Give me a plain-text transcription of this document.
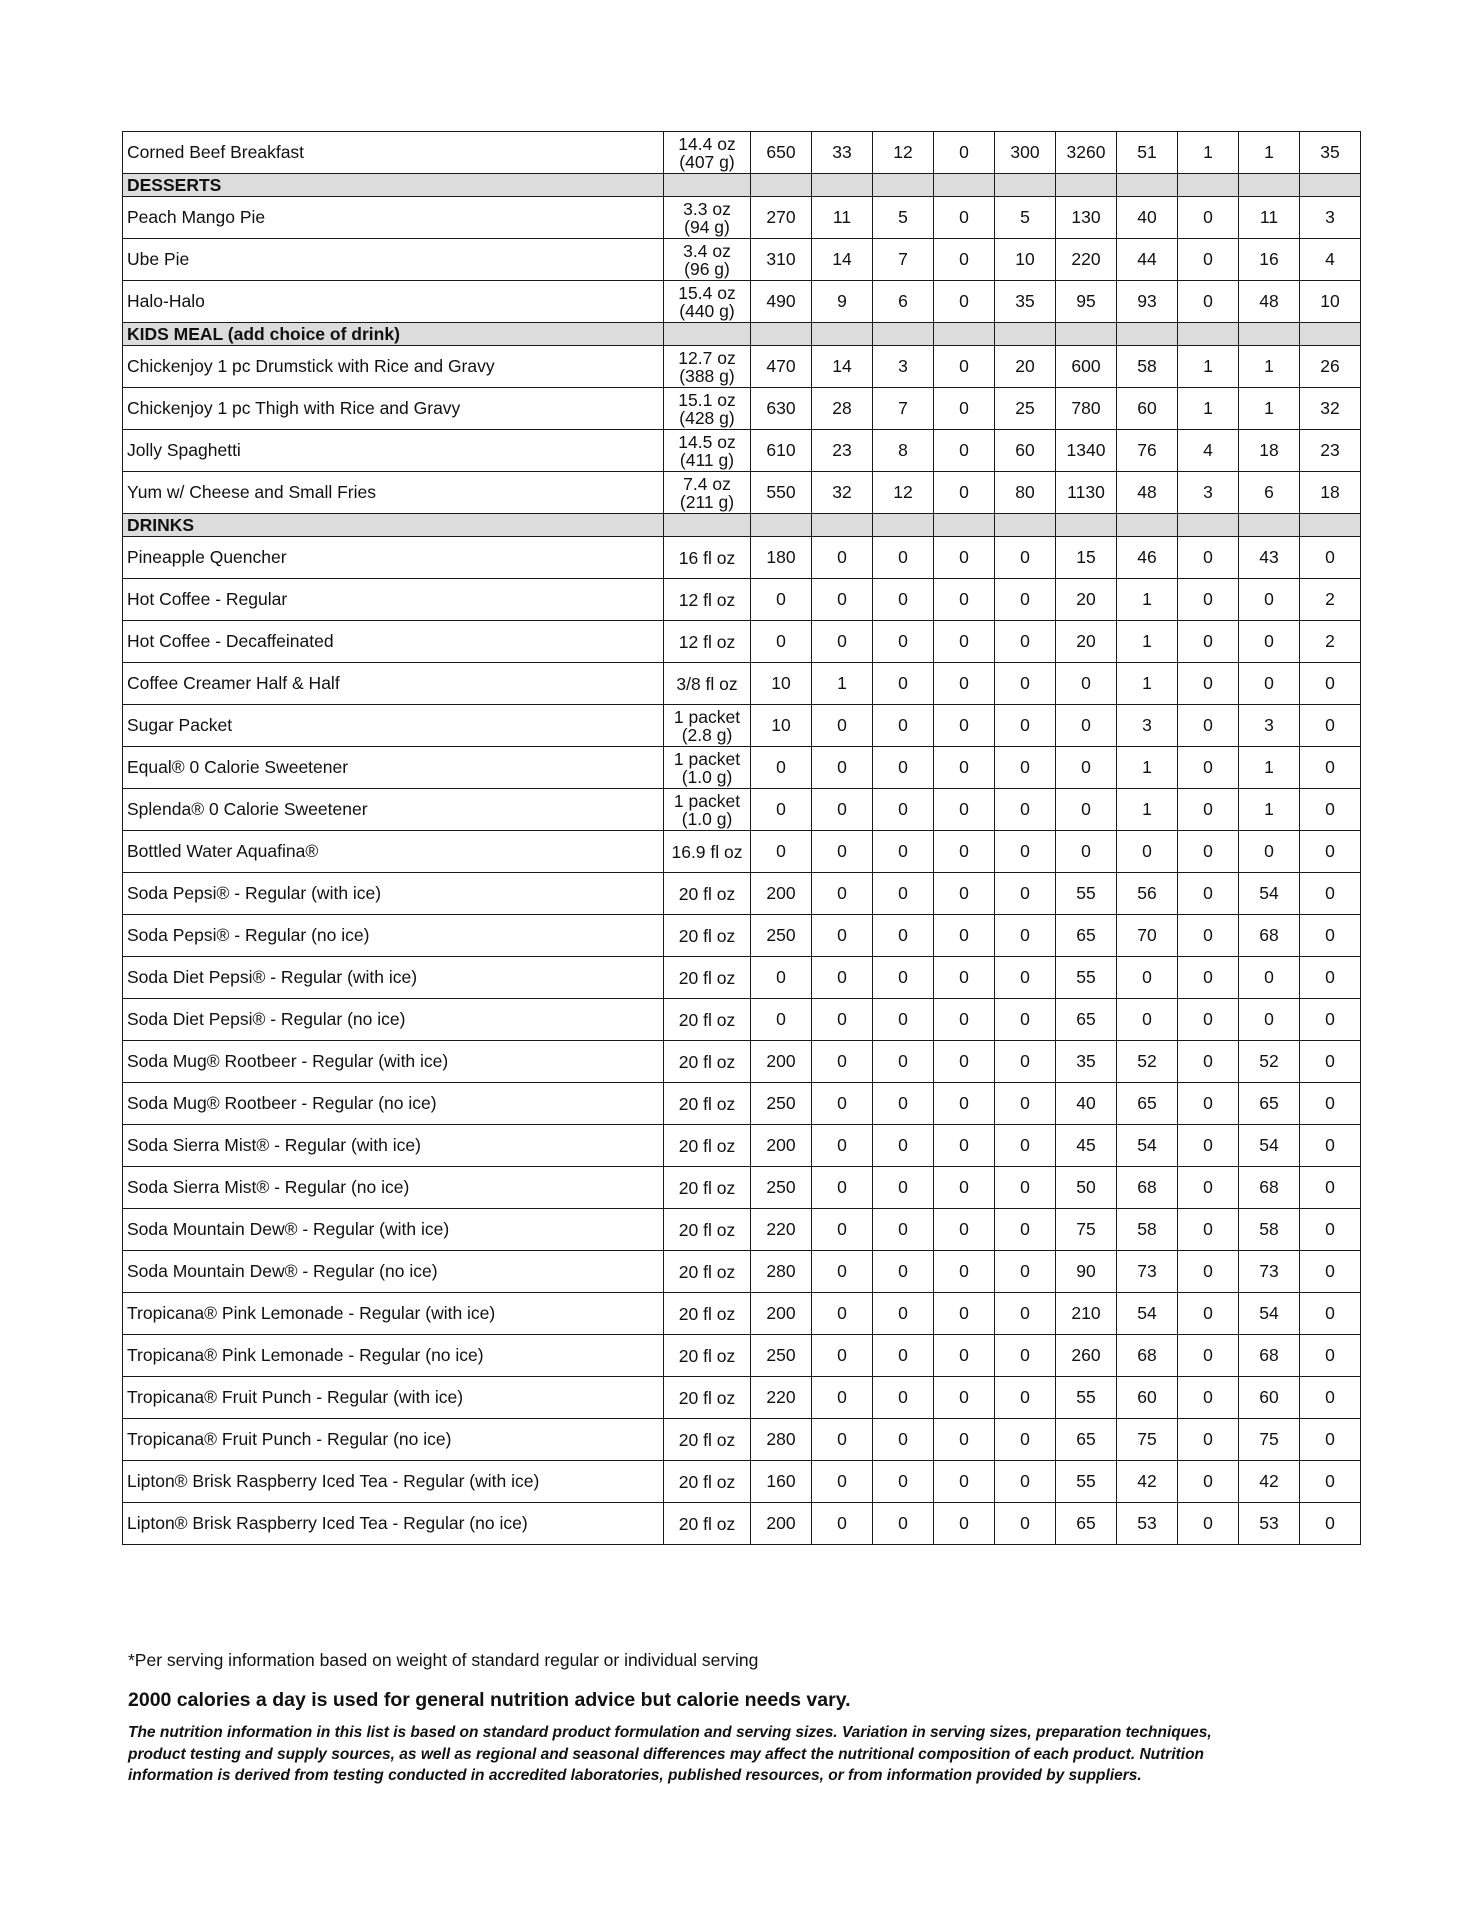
Corned Beef Breakfast	14.4 oz
(407 g)	650	33	12	0	300	3260	51	1	1	35
DESSERTS											
Peach Mango Pie	3.3 oz
(94 g)	270	11	5	0	5	130	40	0	11	3
Ube Pie	3.4 oz
(96 g)	310	14	7	0	10	220	44	0	16	4
Halo-Halo	15.4 oz
(440 g)	490	9	6	0	35	95	93	0	48	10
KIDS MEAL (add choice of drink)											
Chickenjoy 1 pc Drumstick with Rice and Gravy	12.7 oz
(388 g)	470	14	3	0	20	600	58	1	1	26
Chickenjoy 1 pc Thigh with Rice and Gravy	15.1 oz
(428 g)	630	28	7	0	25	780	60	1	1	32
Jolly Spaghetti	14.5 oz
(411 g)	610	23	8	0	60	1340	76	4	18	23
Yum w/ Cheese and Small Fries	7.4 oz
(211 g)	550	32	12	0	80	1130	48	3	6	18
DRINKS											
Pineapple Quencher	16 fl oz	180	0	0	0	0	15	46	0	43	0
Hot Coffee - Regular	12 fl oz	0	0	0	0	0	20	1	0	0	2
Hot Coffee - Decaffeinated	12 fl oz	0	0	0	0	0	20	1	0	0	2
Coffee Creamer Half & Half	3/8 fl oz	10	1	0	0	0	0	1	0	0	0
Sugar Packet	1 packet
(2.8 g)	10	0	0	0	0	0	3	0	3	0
Equal® 0 Calorie Sweetener	1 packet
(1.0 g)	0	0	0	0	0	0	1	0	1	0
Splenda® 0 Calorie Sweetener	1 packet
(1.0 g)	0	0	0	0	0	0	1	0	1	0
Bottled Water Aquafina®	16.9 fl oz	0	0	0	0	0	0	0	0	0	0
Soda Pepsi® - Regular (with ice)	20 fl oz	200	0	0	0	0	55	56	0	54	0
Soda Pepsi® - Regular (no ice)	20 fl oz	250	0	0	0	0	65	70	0	68	0
Soda Diet Pepsi® - Regular (with ice)	20 fl oz	0	0	0	0	0	55	0	0	0	0
Soda Diet Pepsi® - Regular (no ice)	20 fl oz	0	0	0	0	0	65	0	0	0	0
Soda Mug® Rootbeer - Regular (with ice)	20 fl oz	200	0	0	0	0	35	52	0	52	0
Soda Mug® Rootbeer - Regular (no ice)	20 fl oz	250	0	0	0	0	40	65	0	65	0
Soda Sierra Mist® - Regular (with ice)	20 fl oz	200	0	0	0	0	45	54	0	54	0
Soda Sierra Mist® - Regular (no ice)	20 fl oz	250	0	0	0	0	50	68	0	68	0
Soda Mountain Dew® - Regular (with ice)	20 fl oz	220	0	0	0	0	75	58	0	58	0
Soda Mountain Dew® - Regular (no ice)	20 fl oz	280	0	0	0	0	90	73	0	73	0
Tropicana® Pink Lemonade - Regular (with ice)	20 fl oz	200	0	0	0	0	210	54	0	54	0
Tropicana® Pink Lemonade - Regular (no ice)	20 fl oz	250	0	0	0	0	260	68	0	68	0
Tropicana® Fruit Punch - Regular (with ice)	20 fl oz	220	0	0	0	0	55	60	0	60	0
Tropicana® Fruit Punch - Regular (no ice)	20 fl oz	280	0	0	0	0	65	75	0	75	0
Lipton® Brisk Raspberry Iced Tea - Regular (with ice)	20 fl oz	160	0	0	0	0	55	42	0	42	0
Lipton® Brisk Raspberry Iced Tea - Regular (no ice)	20 fl oz	200	0	0	0	0	65	53	0	53	0
*Per serving information based on weight of standard regular or individual serving
2000 calories a day is used for general nutrition advice but calorie needs vary.
The nutrition information in this list is based on standard product formulation and serving sizes. Variation in serving sizes, preparation techniques, product testing and supply sources, as well as regional and seasonal differences may affect the nutritional composition of each product. Nutrition information is derived from testing conducted in accredited laboratories, published resources, or from information provided by suppliers.
